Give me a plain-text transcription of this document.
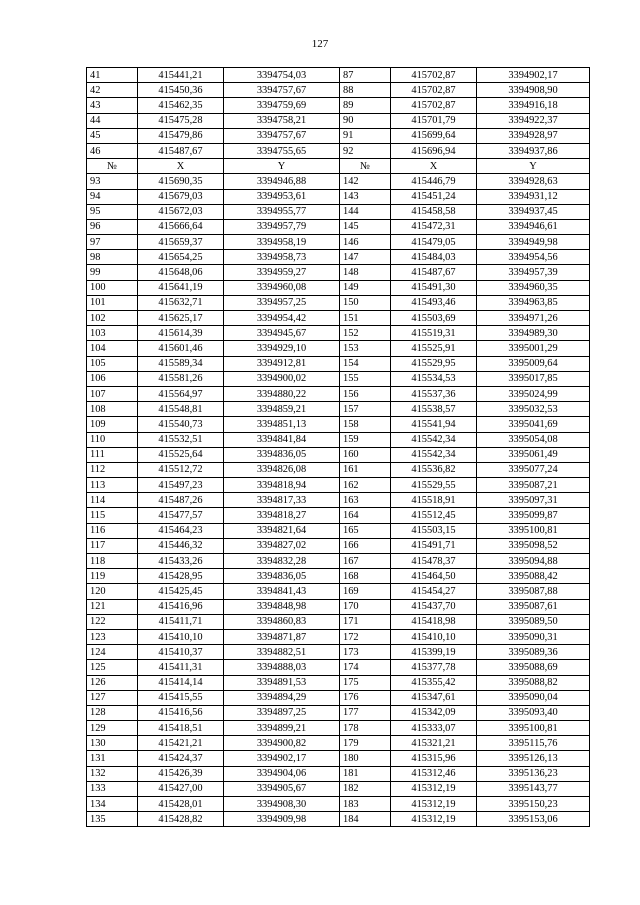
127
41	415441,21	3394754,03	87	415702,87	3394902,17
42	415450,36	3394757,67	88	415702,87	3394908,90
43	415462,35	3394759,69	89	415702,87	3394916,18
44	415475,28	3394758,21	90	415701,79	3394922,37
45	415479,86	3394757,67	91	415699,64	3394928,97
46	415487,67	3394755,65	92	415696,94	3394937,86
№	X	Y	№	X	Y
93	415690,35	3394946,88	142	415446,79	3394928,63
94	415679,03	3394953,61	143	415451,24	3394931,12
95	415672,03	3394955,77	144	415458,58	3394937,45
96	415666,64	3394957,79	145	415472,31	3394946,61
97	415659,37	3394958,19	146	415479,05	3394949,98
98	415654,25	3394958,73	147	415484,03	3394954,56
99	415648,06	3394959,27	148	415487,67	3394957,39
100	415641,19	3394960,08	149	415491,30	3394960,35
101	415632,71	3394957,25	150	415493,46	3394963,85
102	415625,17	3394954,42	151	415503,69	3394971,26
103	415614,39	3394945,67	152	415519,31	3394989,30
104	415601,46	3394929,10	153	415525,91	3395001,29
105	415589,34	3394912,81	154	415529,95	3395009,64
106	415581,26	3394900,02	155	415534,53	3395017,85
107	415564,97	3394880,22	156	415537,36	3395024,99
108	415548,81	3394859,21	157	415538,57	3395032,53
109	415540,73	3394851,13	158	415541,94	3395041,69
110	415532,51	3394841,84	159	415542,34	3395054,08
111	415525,64	3394836,05	160	415542,34	3395061,49
112	415512,72	3394826,08	161	415536,82	3395077,24
113	415497,23	3394818,94	162	415529,55	3395087,21
114	415487,26	3394817,33	163	415518,91	3395097,31
115	415477,57	3394818,27	164	415512,45	3395099,87
116	415464,23	3394821,64	165	415503,15	3395100,81
117	415446,32	3394827,02	166	415491,71	3395098,52
118	415433,26	3394832,28	167	415478,37	3395094,88
119	415428,95	3394836,05	168	415464,50	3395088,42
120	415425,45	3394841,43	169	415454,27	3395087,88
121	415416,96	3394848,98	170	415437,70	3395087,61
122	415411,71	3394860,83	171	415418,98	3395089,50
123	415410,10	3394871,87	172	415410,10	3395090,31
124	415410,37	3394882,51	173	415399,19	3395089,36
125	415411,31	3394888,03	174	415377,78	3395088,69
126	415414,14	3394891,53	175	415355,42	3395088,82
127	415415,55	3394894,29	176	415347,61	3395090,04
128	415416,56	3394897,25	177	415342,09	3395093,40
129	415418,51	3394899,21	178	415333,07	3395100,81
130	415421,21	3394900,82	179	415321,21	3395115,76
131	415424,37	3394902,17	180	415315,96	3395126,13
132	415426,39	3394904,06	181	415312,46	3395136,23
133	415427,00	3394905,67	182	415312,19	3395143,77
134	415428,01	3394908,30	183	415312,19	3395150,23
135	415428,82	3394909,98	184	415312,19	3395153,06
